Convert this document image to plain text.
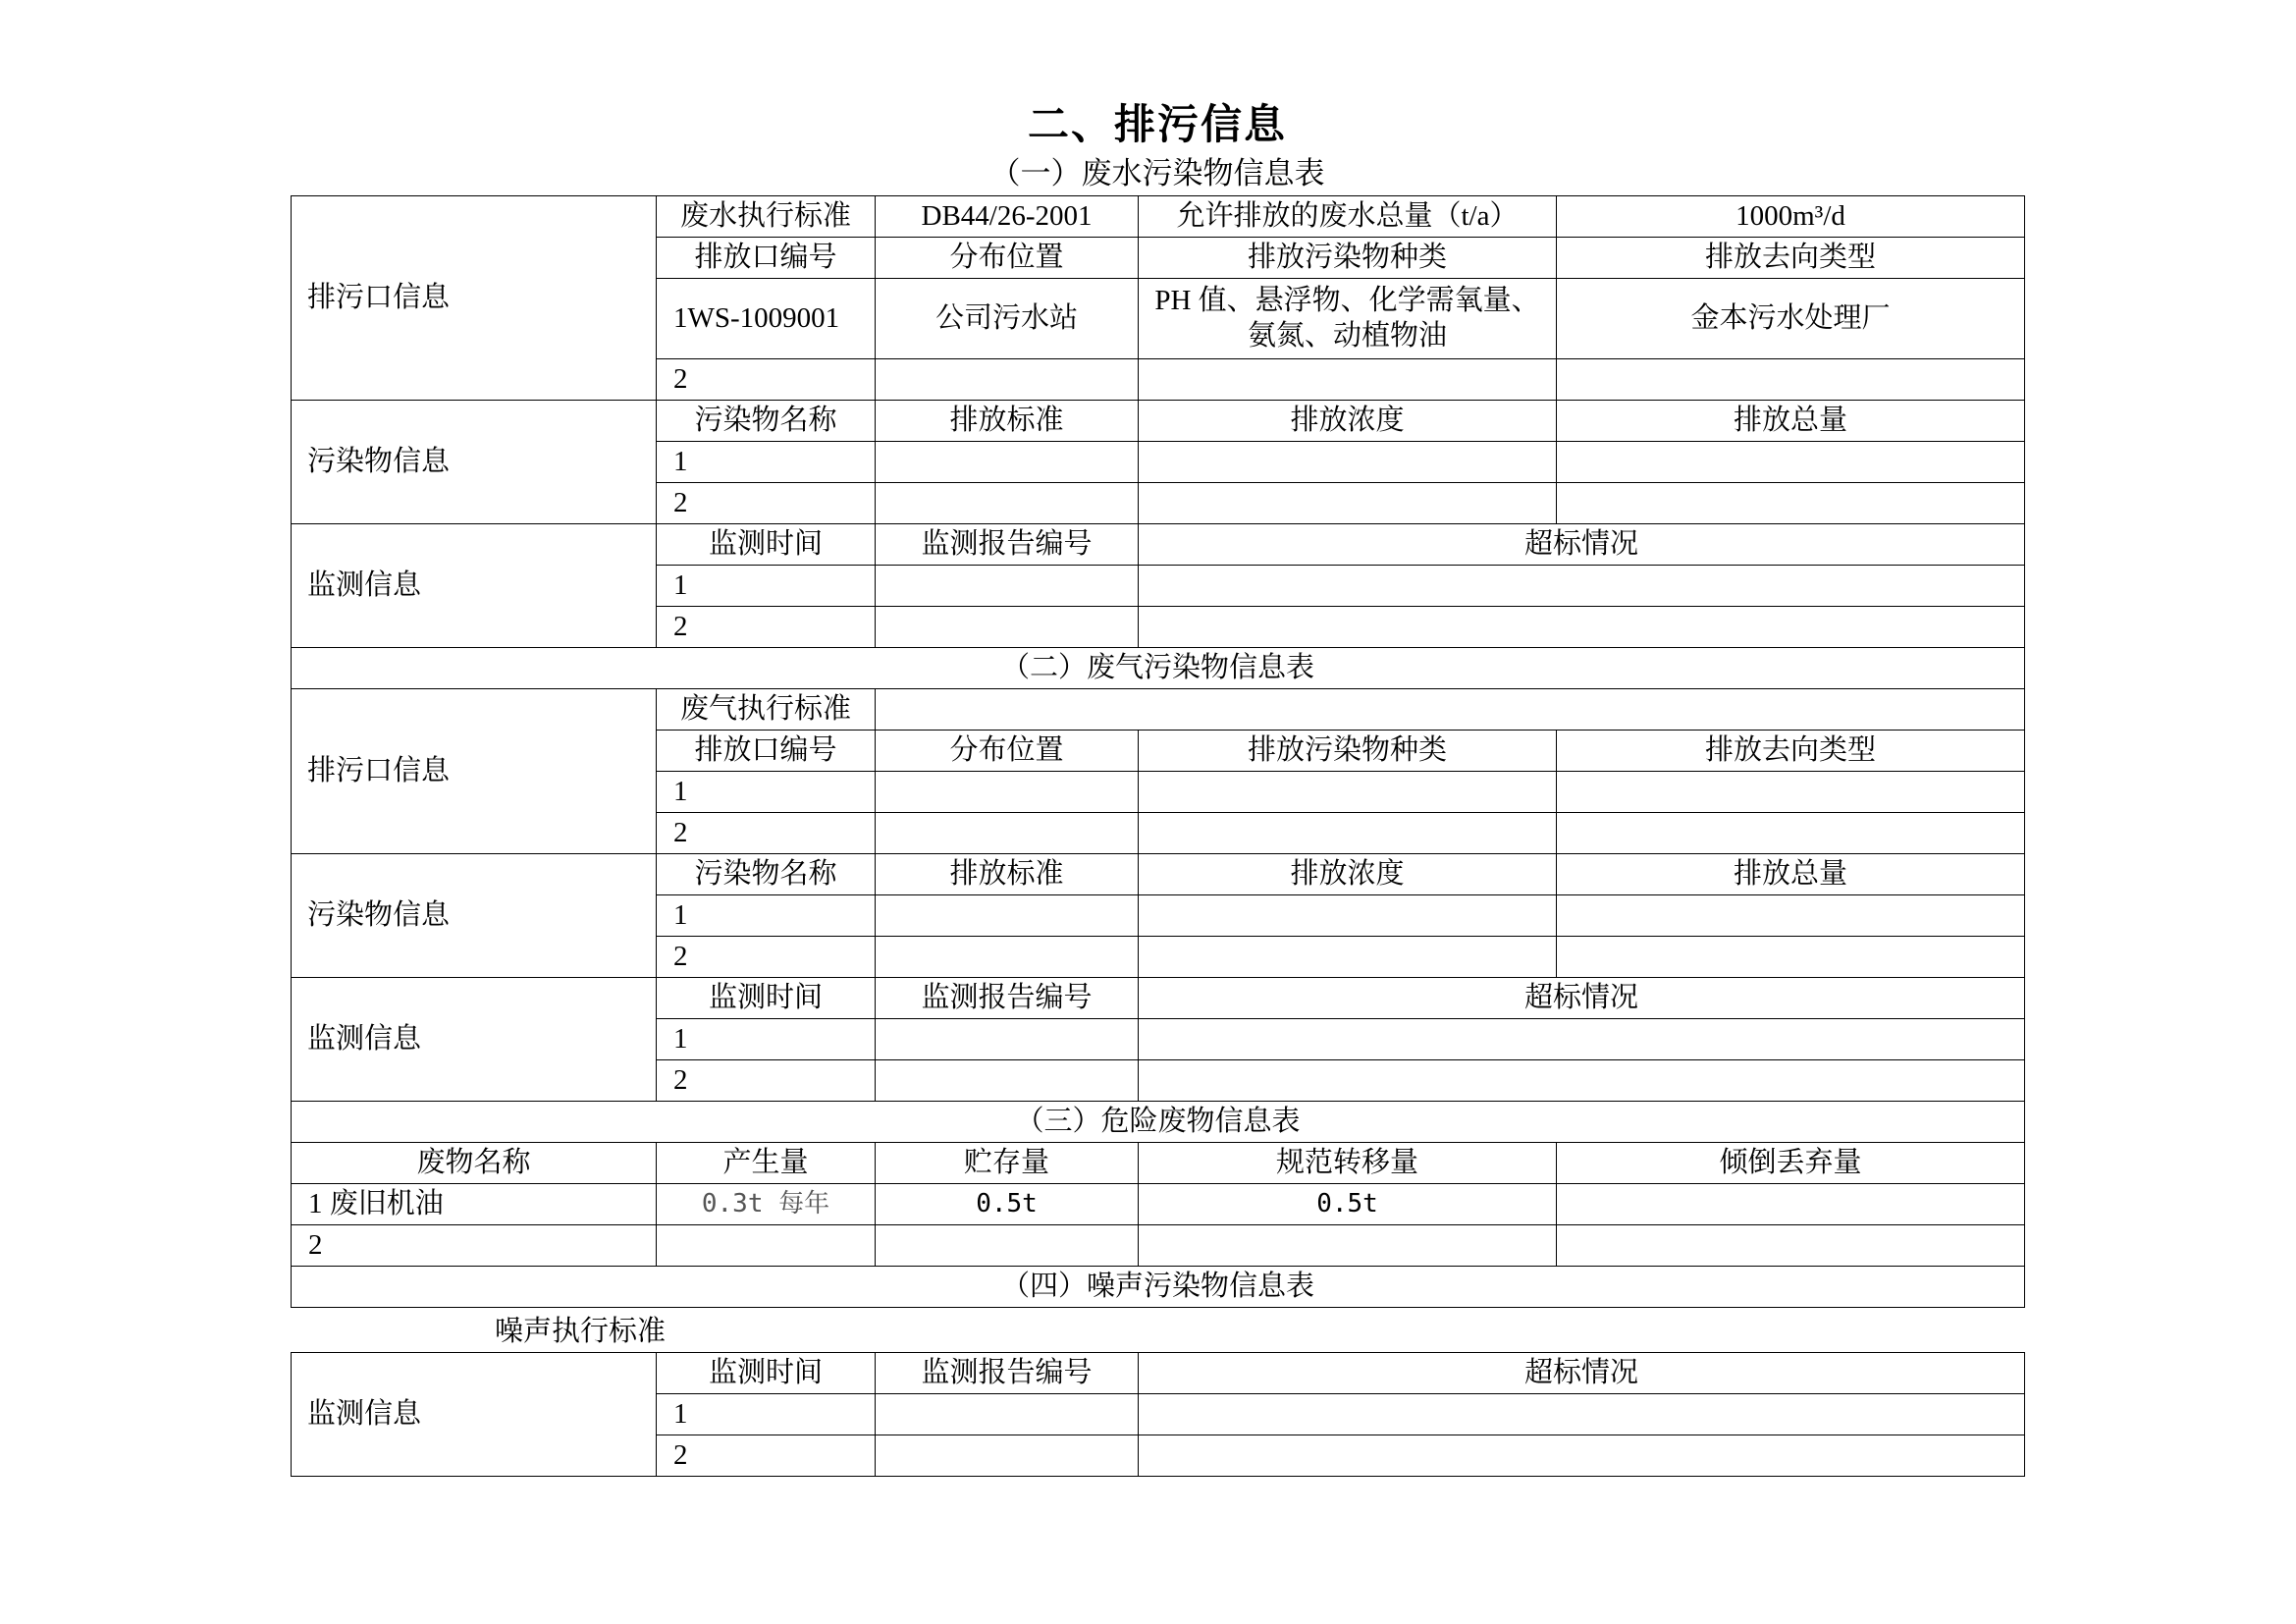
二、排污信息
（一）废水污染物信息表
排污口信息	废水执行标准	DB44/26-2001	允许排放的废水总量（t/a）	1000m³/d
	排放口编号	分布位置	排放污染物种类	排放去向类型
	1WS-1009001	公司污水站	PH 值、悬浮物、化学需氧量、氨氮、动植物油	金本污水处理厂
	2			
污染物信息	污染物名称	排放标准	排放浓度	排放总量
	1			
	2			
监测信息	监测时间	监测报告编号	超标情况	
	1			
	2			
（二）废气污染物信息表				
排污口信息	废气执行标准			
	排放口编号	分布位置	排放污染物种类	排放去向类型
	1			
	2			
污染物信息	污染物名称	排放标准	排放浓度	排放总量
	1			
	2			
监测信息	监测时间	监测报告编号	超标情况	
	1			
	2			
（三）危险废物信息表				
废物名称	产生量	贮存量	规范转移量	倾倒丢弃量
1 废旧机油	0.3t 每年	0.5t	0.5t	
2				
（四）噪声污染物信息表				
噪声执行标准
监测信息	监测时间	监测报告编号	超标情况
	1		
	2		
